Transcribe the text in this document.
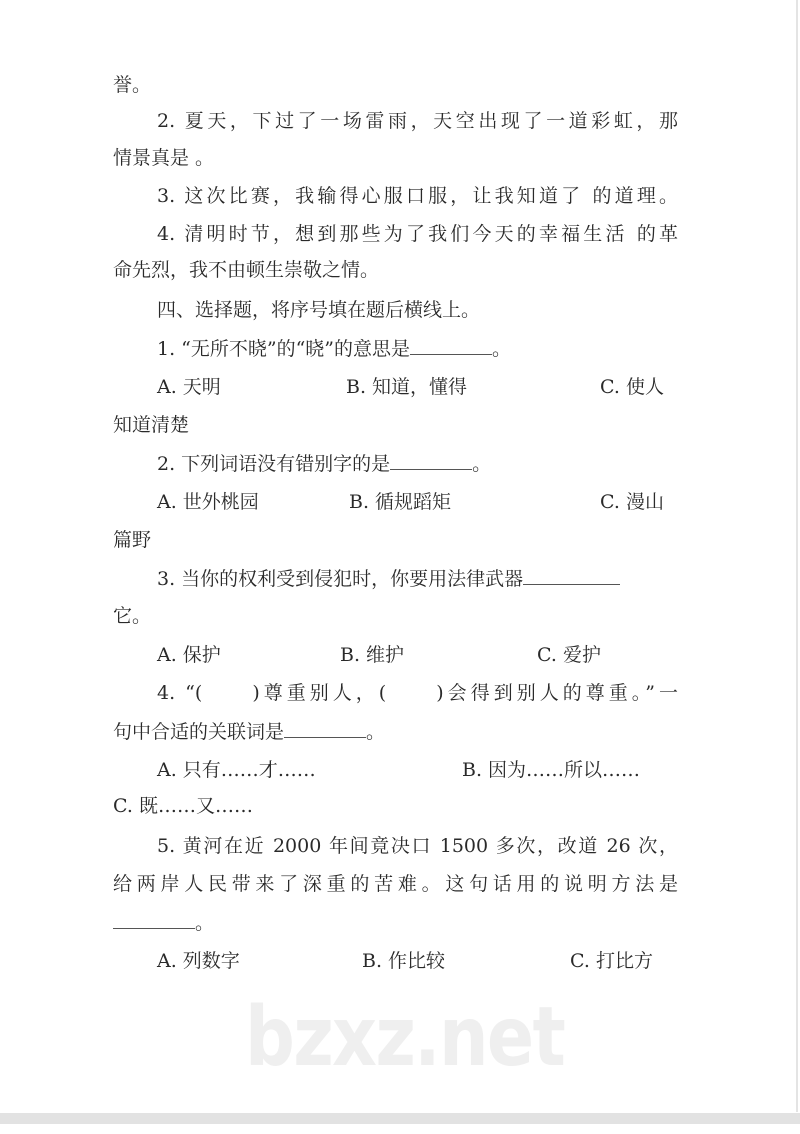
誉。
2. 夏天，下过了一场雷雨，天空出现了一道彩虹，那
情景真是 。
3. 这次比赛，我输得心服口服，让我知道了 的道理。
4. 清明时节，想到那些为了我们今天的幸福生活 的革
命先烈，我不由顿生崇敬之情。
四、选择题，将序号填在题后横线上。
1. “无所不晓”的“晓”的意思是	。
A. 天明	B. 知道，懂得	C. 使人
知道清楚
2. 下列词语没有错别字的是	。
A. 世外桃园	B. 循规蹈矩	C. 漫山
篇野
3. 当你的权利受到侵犯时，你要用法律武器
它。
A. 保护	B. 维护	C. 爱护
4. “(　　)尊重别人，(　　)会得到别人的尊重。”一
句中合适的关联词是	。
A. 只有……才……	B. 因为……所以……
C. 既……又……
5. 黄河在近 2000 年间竟决口 1500 多次，改道 26 次，
给两岸人民带来了深重的苦难。这句话用的说明方法是
。
A. 列数字	B. 作比较	C. 打比方
bzxz.net
